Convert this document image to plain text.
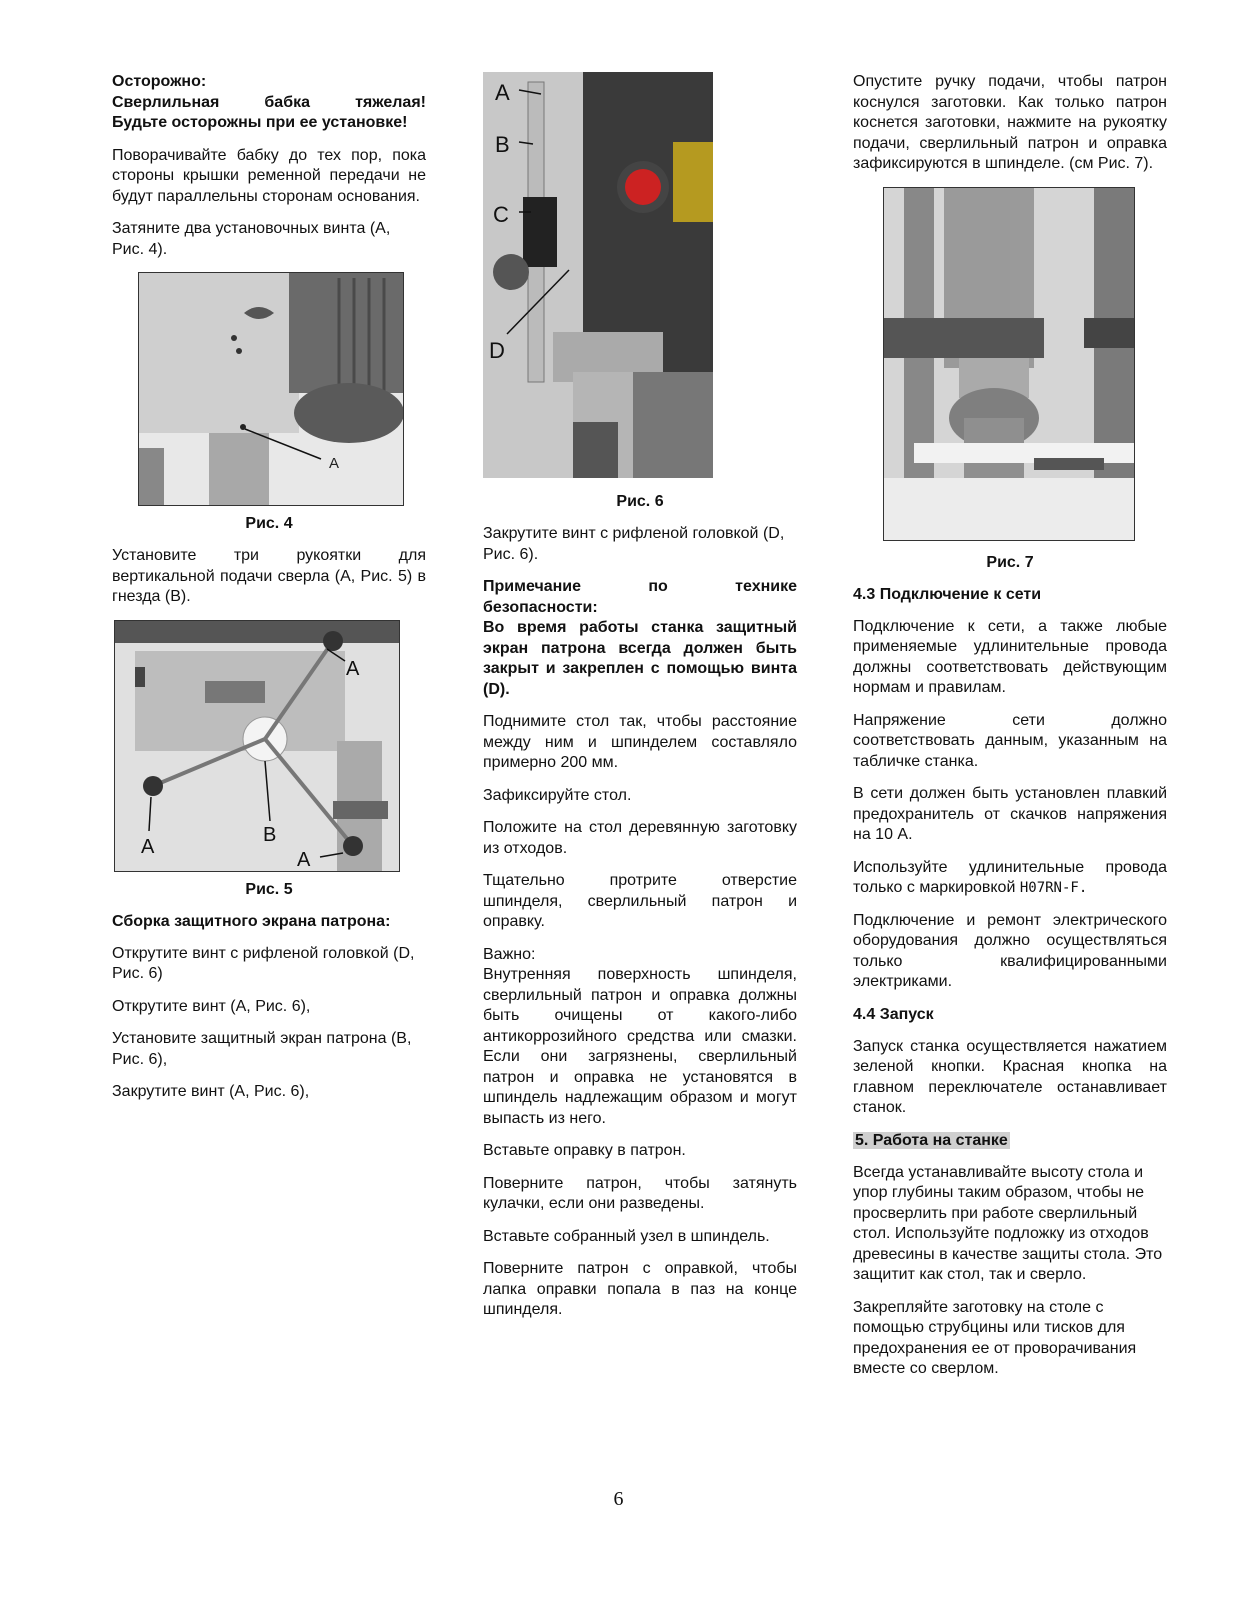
Осторожно:
Сверлильная бабка тяжелая!
Будьте осторожны при ее установке!

Поворачивайте бабку до тех пор, пока стороны крышки ременной передачи не будут параллельны сторонам основания.

Затяните два установочных винта (A, Рис. 4).

A

Рис. 4

Установите три рукоятки для вертикальной подачи сверла (A, Рис. 5) в гнезда (B).

A
A
A
B

Рис. 5

Сборка защитного экрана патрона:

Открутите винт с рифленой головкой (D, Рис. 6)

Открутите винт (A, Рис. 6),

Установите защитный экран патрона (B, Рис. 6),

Закрутите винт (A, Рис. 6),

A
B
C
D

Рис. 6

Закрутите винт с рифленой головкой (D, Рис. 6).

Примечание по технике
безопасности:
Во время работы станка защитный экран патрона всегда должен быть закрыт и закреплен с помощью винта (D).

Поднимите стол так, чтобы расстояние между ним и шпинделем составляло примерно 200 мм.

Зафиксируйте стол.

Положите на стол деревянную заготовку из отходов.

Тщательно протрите отверстие шпинделя, сверлильный патрон и оправку.

Важно:

Внутренняя поверхность шпинделя, сверлильный патрон и оправка должны быть очищены от какого-либо антикоррозийного средства или смазки. Если они загрязнены, сверлильный патрон и оправка не установятся в шпиндель надлежащим образом и могут выпасть из него.

Вставьте оправку в патрон.

Поверните патрон, чтобы затянуть кулачки, если они разведены.

Вставьте собранный узел в шпиндель.

Поверните патрон с оправкой, чтобы лапка оправки попала в паз на конце шпинделя.

Опустите ручку подачи, чтобы патрон коснулся заготовки. Как только патрон коснется заготовки, нажмите на рукоятку подачи, сверлильный патрон и оправка зафиксируются в шпинделе. (см Рис. 7).

Рис. 7

4.3 Подключение к сети

Подключение к сети, а также любые применяемые удлинительные провода должны соответствовать действующим нормам и правилам.

Напряжение сети должно соответствовать данным, указанным на табличке станка.

В сети должен быть установлен плавкий предохранитель от скачков напряжения на 10 А.

Используйте удлинительные провода только с маркировкой H07RN-F.

Подключение и ремонт электрического оборудования должно осуществляться только квалифицированными электриками.

4.4 Запуск

Запуск станка осуществляется нажатием зеленой кнопки. Красная кнопка на главном переключателе останавливает станок.

5. Работа на станке

Всегда устанавливайте высоту стола и упор глубины таким образом, чтобы не просверлить при работе сверлильный стол. Используйте подложку из отходов древесины в качестве защиты стола. Это защитит как стол, так и сверло.

Закрепляйте заготовку на столе с помощью струбцины или тисков для предохранения ее от проворачивания вместе со сверлом.

6
